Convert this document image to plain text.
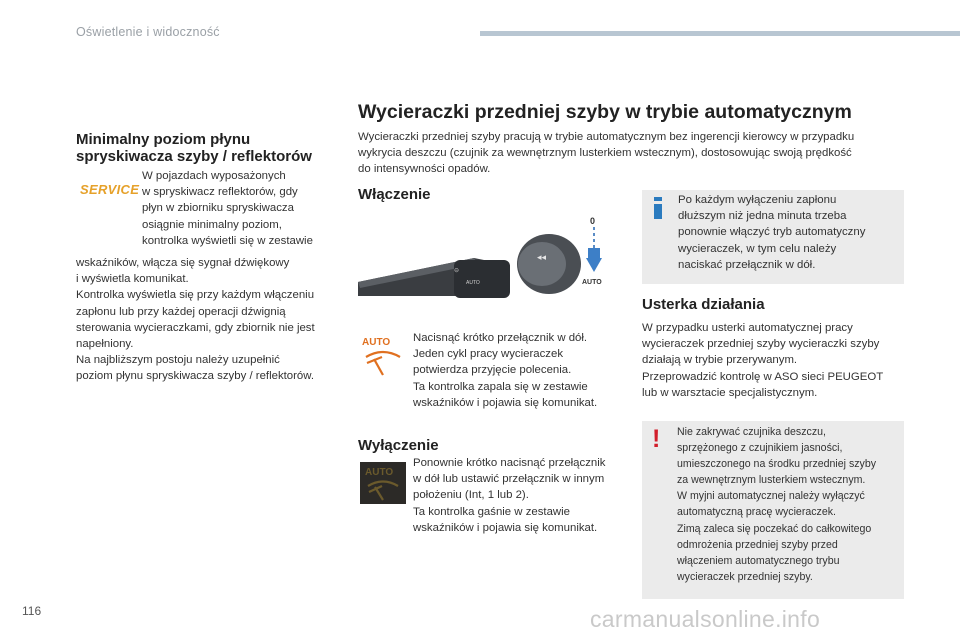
Oświetlenie i widoczność
Minimalny poziom płynu
spryskiwacza szyby / reflektorów
SERVICE
W pojazdach wyposażonych
w spryskiwacz reflektorów, gdy
płyn w zbiorniku spryskiwacza
osiągnie minimalny poziom,
kontrolka wyświetli się w zestawie
wskaźników, włącza się sygnał dźwiękowy
i wyświetla komunikat.
Kontrolka wyświetla się przy każdym włączeniu
zapłonu lub przy każdej operacji dźwignią
sterowania wycieraczkami, gdy zbiornik nie jest
napełniony.
Na najbliższym postoju należy uzupełnić
poziom płynu spryskiwacza szyby / reflektorów.
Wycieraczki przedniej szyby w trybie automatycznym
Wycieraczki przedniej szyby pracują w trybie automatycznym bez ingerencji kierowcy w przypadku
wykrycia deszczu (czujnik za wewnętrznym lusterkiem wstecznym), dostosowując swoją prędkość
do intensywności opadów.
Włączenie
AUTO
◂◂
⊖
0
AUTO
AUTO Nacisnąć krótko przełącznik w dół.
Jeden cykl pracy wycieraczek
potwierdza przyjęcie polecenia.
Ta kontrolka zapala się w zestawie
wskaźników i pojawia się komunikat.
Wyłączenie
AUTO
Ponownie krótko nacisnąć przełącznik
w dół lub ustawić przełącznik w innym
położeniu (Int, 1 lub 2).
Ta kontrolka gaśnie w zestawie
wskaźników i pojawia się komunikat.
Po każdym wyłączeniu zapłonu
dłuższym niż jedna minuta trzeba
ponownie włączyć tryb automatyczny
wycieraczek, w tym celu należy
naciskać przełącznik w dół.
Usterka działania
W przypadku usterki automatycznej pracy
wycieraczek przedniej szyby wycieraczki szyby
działają w trybie przerywanym.
Przeprowadzić kontrolę w ASO sieci PEUGEOT
lub w warsztacie specjalistycznym.
! Nie zakrywać czujnika deszczu,
sprzężonego z czujnikiem jasności,
umieszczonego na środku przedniej szyby
za wewnętrznym lusterkiem wstecznym.
W myjni automatycznej należy wyłączyć
automatyczną pracę wycieraczek.
Zimą zaleca się poczekać do całkowitego
odmrożenia przedniej szyby przed
włączeniem automatycznego trybu
wycieraczek przedniej szyby.
116	carmanualsonline.info
